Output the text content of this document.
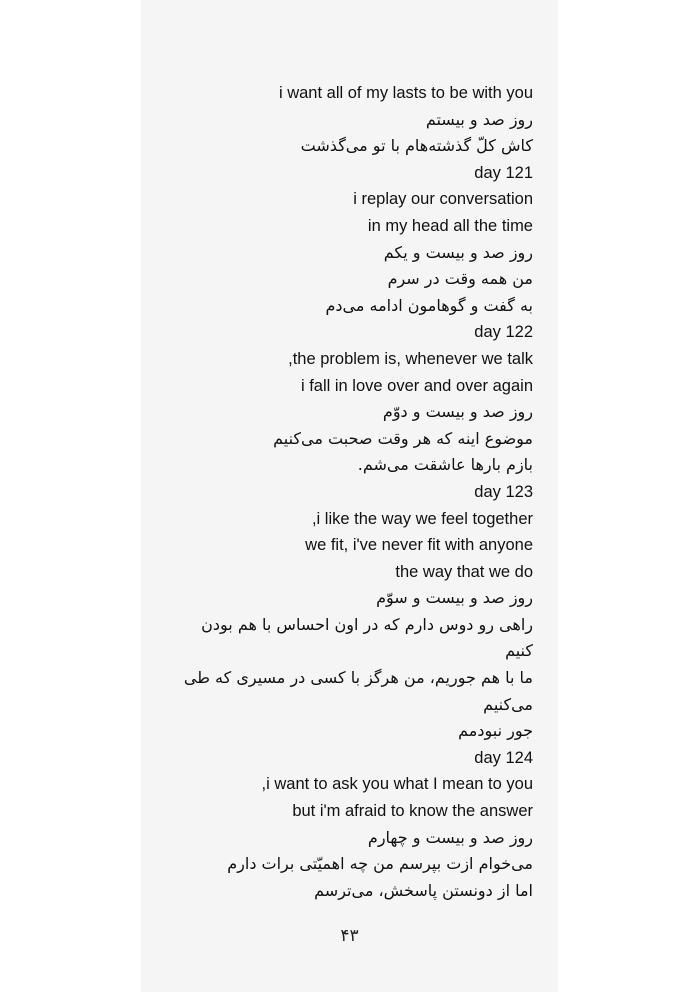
i want all of my lasts to be with you
روز صد و بیستم
کاش کلّ گذشته‌هام با تو می‌گذشت
day 121
i replay our conversation
in my head all the time
روز صد و بیست و یکم
من همه وقت در سرم
به گفت و گوهامون ادامه می‌دم
day 122
,the problem is, whenever we talk
i fall in love over and over again
روز صد و بیست و دوّم
موضوع اینه که هر وقت صحبت می‌کنیم
بازم بارها عاشقت می‌شم.
day 123
,i like the way we feel together
we fit, i've never fit with anyone
the way that we do
روز صد و بیست و سوّم
راهی رو دوس دارم که در اون احساس با هم بودن
کنیم
ما با هم جوریم، من هرگز با کسی در مسیری که طی
می‌کنیم
جور نبودمم
day 124
,i want to ask you what I mean to you
but i'm afraid to know the answer
روز صد و بیست و چهارم
می‌خوام ازت بپرسم من چه اهمیّتی برات دارم
اما از دونستن پاسخش، می‌ترسم
۴۳
